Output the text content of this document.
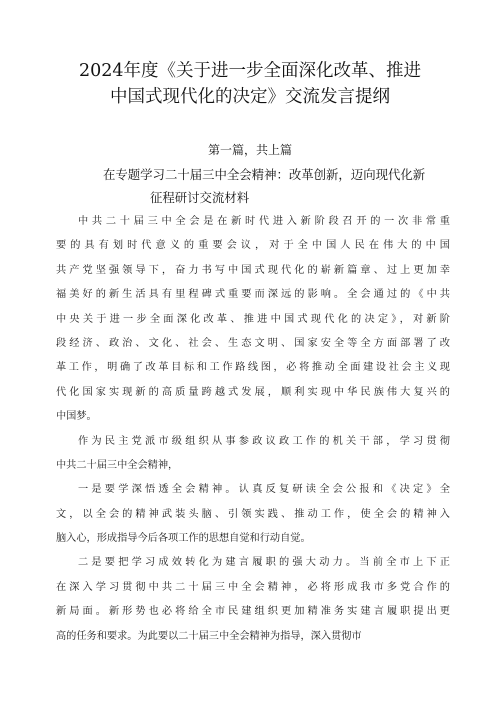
2024年度《关于进一步全面深化改革、推进
中国式现代化的决定》交流发言提纲
第一篇，共上篇
在专题学习二十届三中全会精神：改革创新，迈向现代化新
征程研讨交流材料
中共二十届三中全会是在新时代进入新阶段召开的一次非常重
要的具有划时代意义的重要会议，对于全中国人民在伟大的中国
共产党坚强领导下，奋力书写中国式现代化的崭新篇章、过上更加幸
福美好的新生活具有里程碑式重要而深远的影响。全会通过的《中共
中央关于进一步全面深化改革、推进中国式现代化的决定》，对新阶
段经济、政治、文化、社会、生态文明、国家安全等全方面部署了改
革工作，明确了改革目标和工作路线图，必将推动全面建设社会主义现
代化国家实现新的高质量跨越式发展，顺利实现中华民族伟大复兴的
中国梦。
作为民主党派市级组织从事参政议政工作的机关干部，学习贯彻
中共二十届三中全会精神，
一是要学深悟透全会精神。认真反复研读全会公报和《决定》全
文，以全会的精神武装头脑、引领实践、推动工作，使全会的精神入
脑入心，形成指导今后各项工作的思想自觉和行动自觉。
二是要把学习成效转化为建言履职的强大动力。当前全市上下正
在深入学习贯彻中共二十届三中全会精神，必将形成我市多党合作的
新局面。新形势也必将给全市民建组织更加精准务实建言履职提出更
高的任务和要求。为此要以二十届三中全会精神为指导，深入贯彻市
